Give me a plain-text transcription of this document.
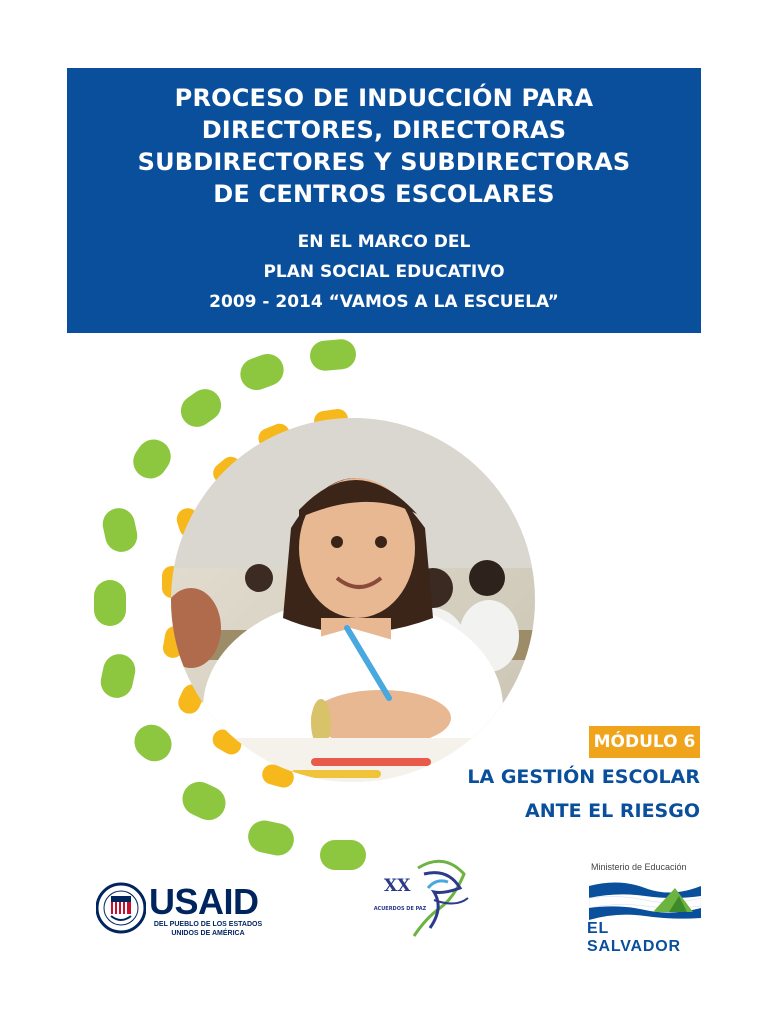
PROCESO DE INDUCCIÓN PARA
DIRECTORES, DIRECTORAS
SUBDIRECTORES Y SUBDIRECTORAS
DE CENTROS ESCOLARES
EN EL MARCO DEL
PLAN SOCIAL EDUCATIVO
2009 - 2014 “VAMOS A LA ESCUELA”
MÓDULO 6
LA GESTIÓN ESCOLAR
ANTE EL RIESGO
USAID
DEL PUEBLO DE LOS ESTADOS UNIDOS DE AMÉRICA
XX
ACUERDOS DE PAZ
Ministerio de Educación
EL SALVADOR
